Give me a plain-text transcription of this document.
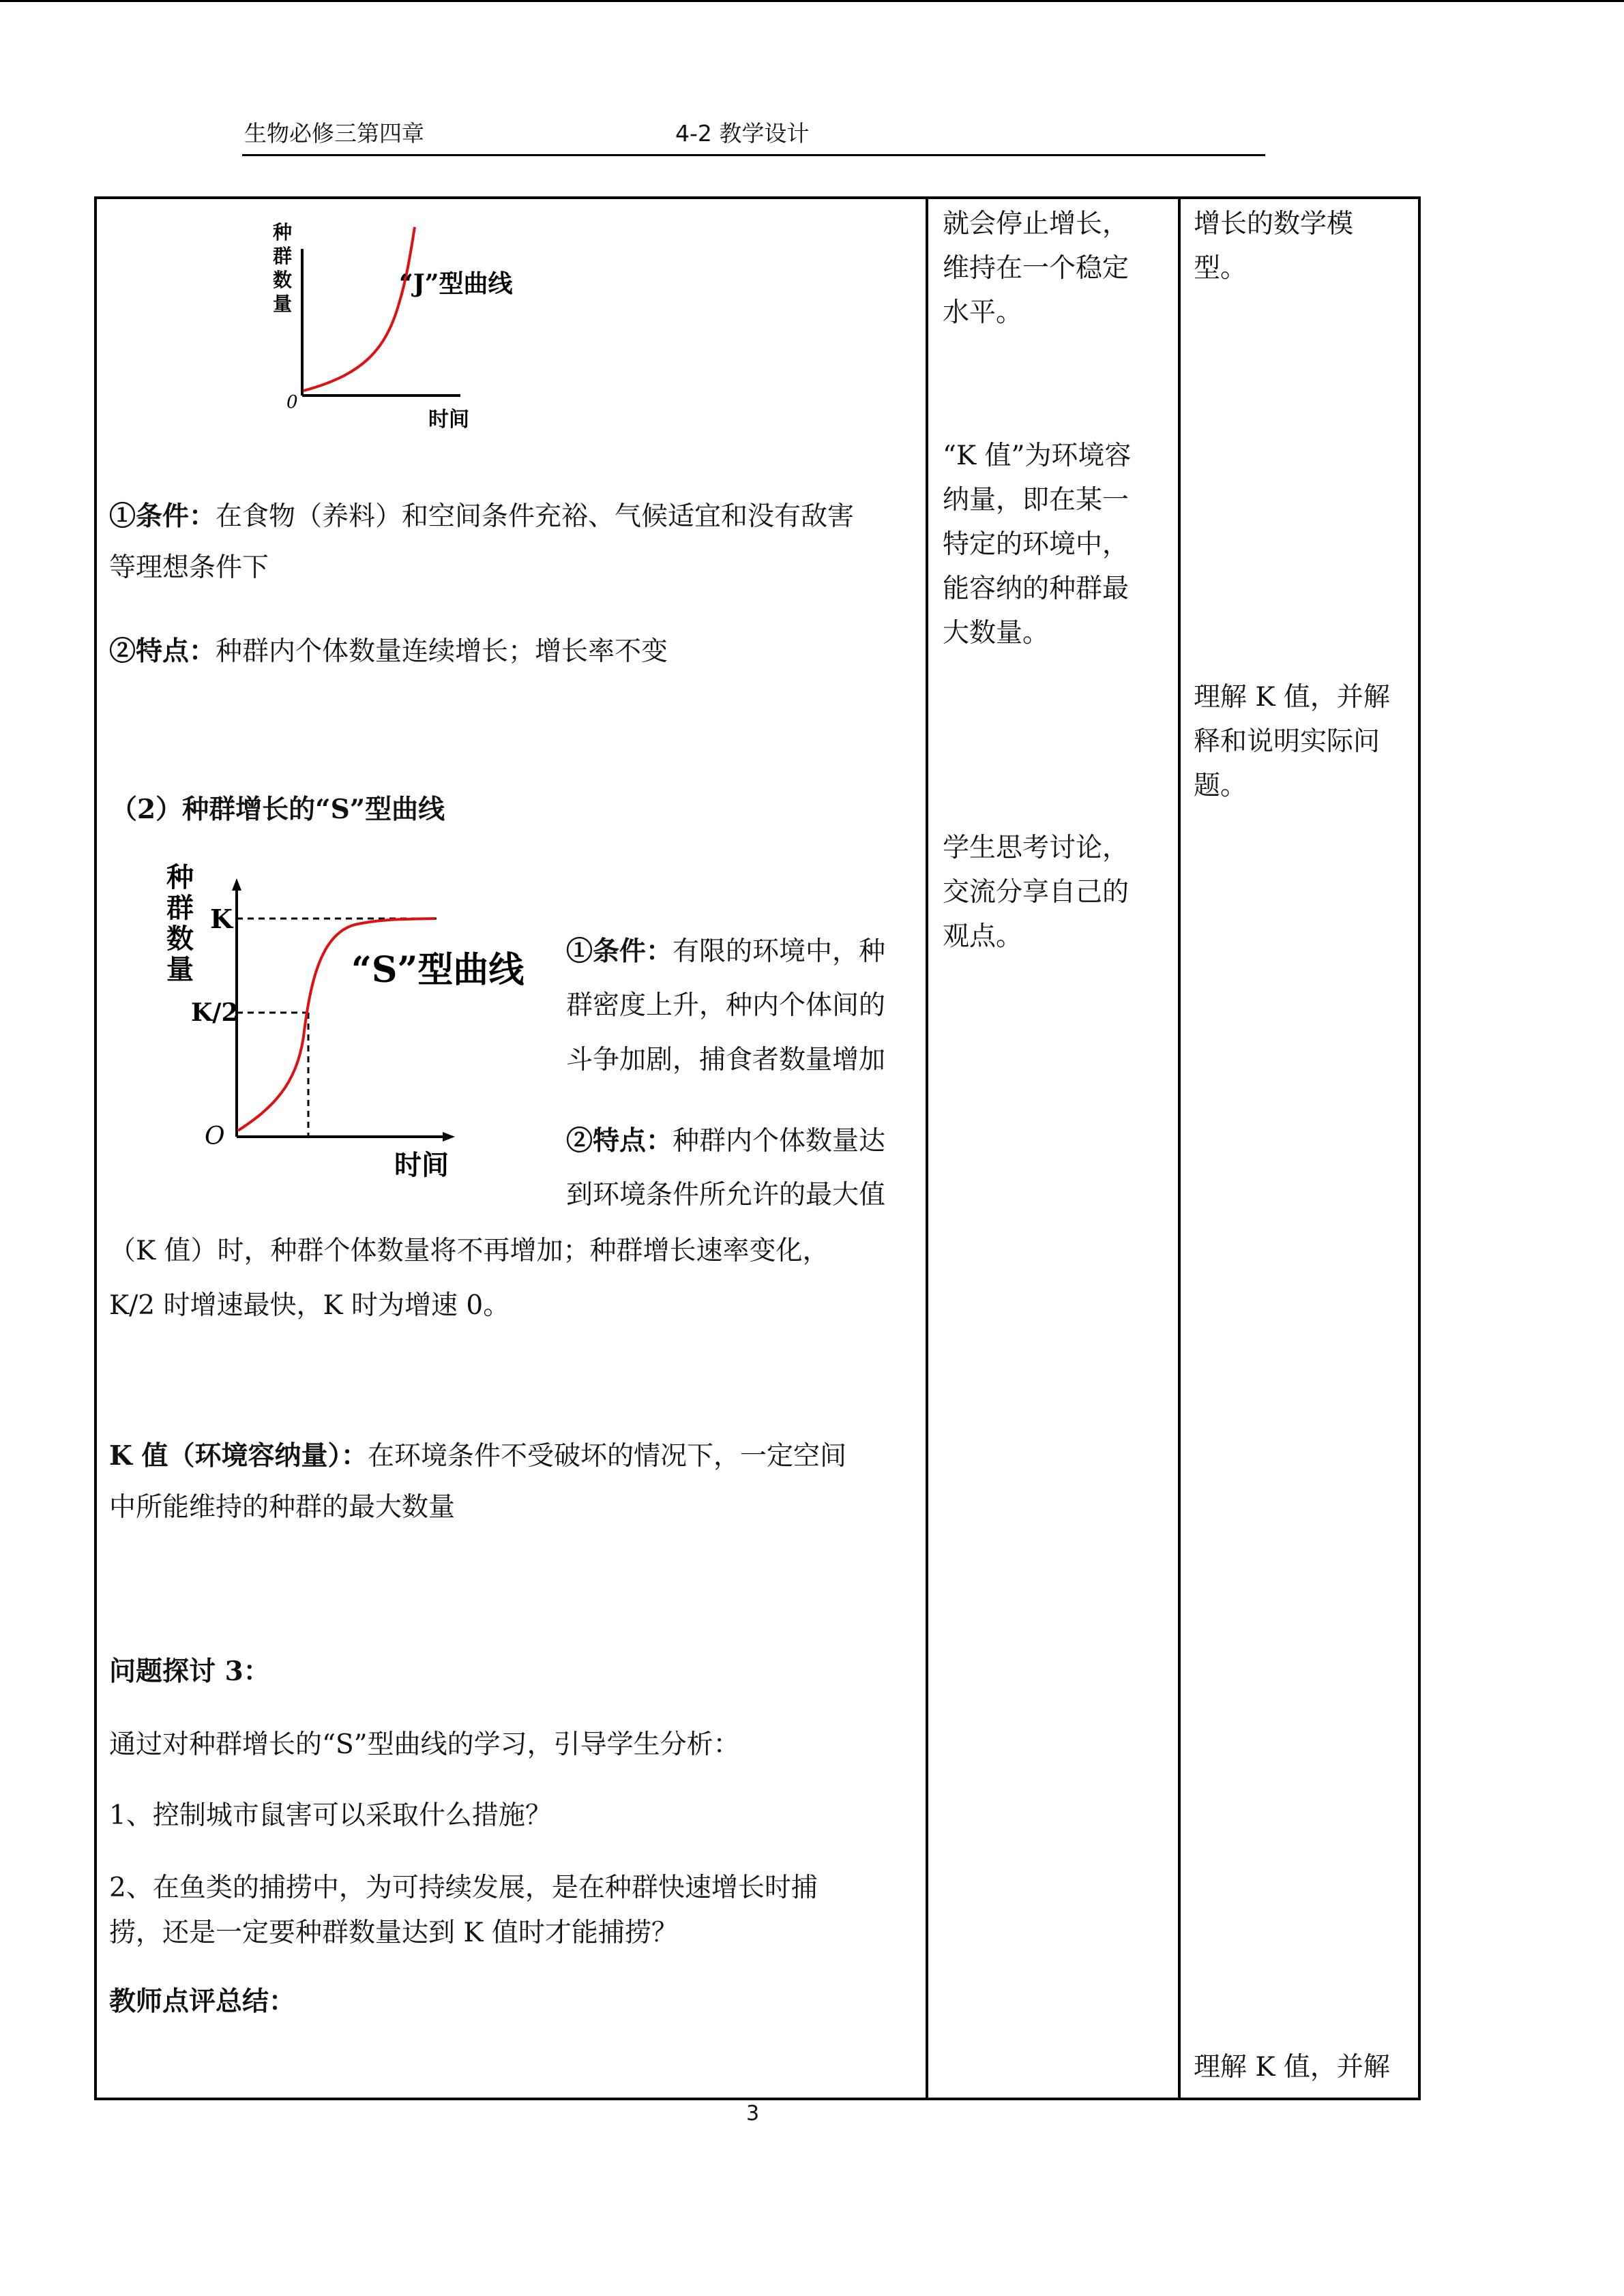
生物必修三第四章	4-2 教学设计
种
群
数
量
“J”型曲线
0
时间
①条件：在食物（养料）和空间条件充裕、气候适宜和没有敌害
等理想条件下
②特点：种群内个体数量连续增长；增长率不变
（2）种群增长的“S”型曲线
种
群
数
量
K
K/2
O
“S”型曲线
时间
①条件：有限的环境中，种
群密度上升，种内个体间的
斗争加剧，捕食者数量增加
②特点：种群内个体数量达
到环境条件所允许的最大值
（K 值）时，种群个体数量将不再增加；种群增长速率变化，
K/2 时增速最快，K 时为增速 0。
K 值（环境容纳量）：在环境条件不受破坏的情况下，一定空间
中所能维持的种群的最大数量
问题探讨 3：
通过对种群增长的“S”型曲线的学习，引导学生分析：
1、控制城市鼠害可以采取什么措施？
2、在鱼类的捕捞中，为可持续发展，是在种群快速增长时捕
捞，还是一定要种群数量达到 K 值时才能捕捞？
教师点评总结：
就会停止增长，
维持在一个稳定
水平。
“K 值”为环境容
纳量，即在某一
特定的环境中，
能容纳的种群最
大数量。
学生思考讨论，
交流分享自己的
观点。
增长的数学模
型。
理解 K 值，并解
释和说明实际问
题。
理解 K 值，并解
3
